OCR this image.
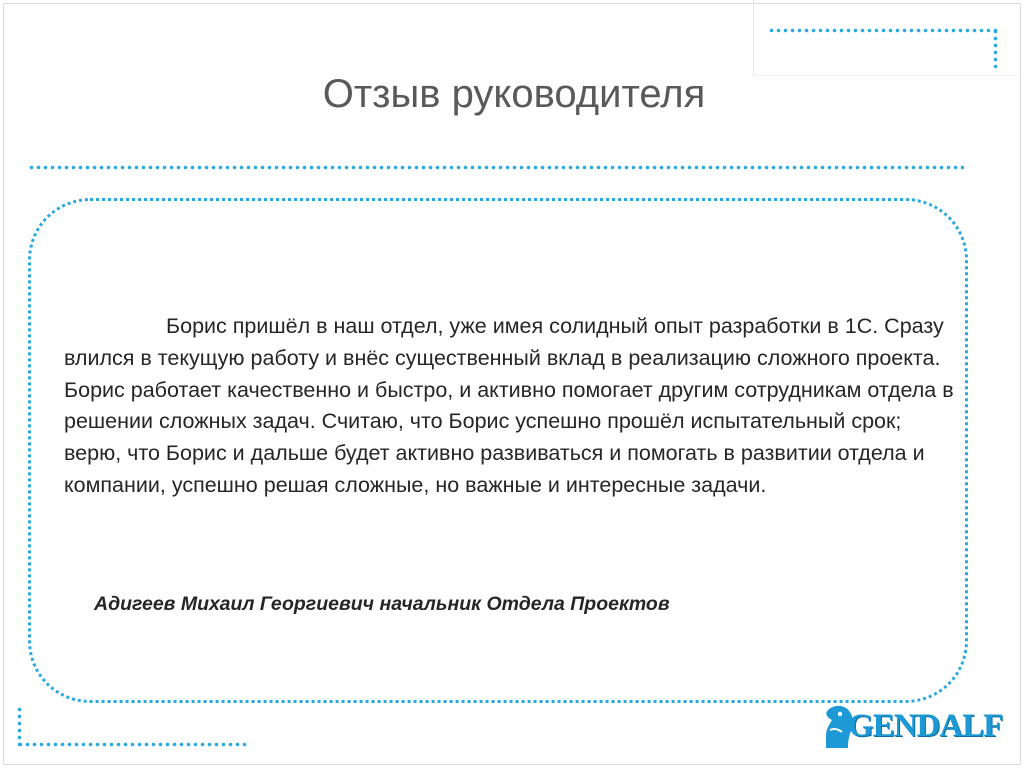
Отзыв руководителя
Борис пришёл в наш отдел, уже имея солидный опыт разработки в 1С. Сразу влился в текущую работу и внёс существенный вклад в реализацию сложного проекта. Борис работает качественно и быстро, и активно помогает другим сотрудникам отдела в решении сложных задач. Считаю, что Борис успешно прошёл испытательный срок; верю, что Борис и дальше будет активно развиваться и помогать в развитии отдела и компании, успешно решая сложные, но важные и интересные задачи.
Адигеев Михаил Георгиевич начальник Отдела Проектов
GENDALF
